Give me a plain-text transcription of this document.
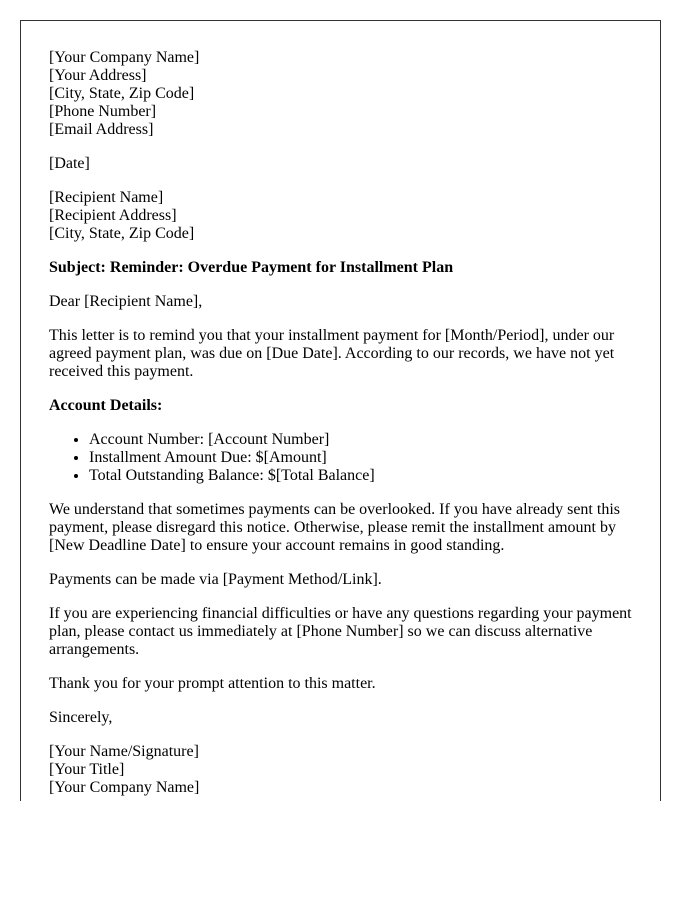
[Your Company Name]
[Your Address]
[City, State, Zip Code]
[Phone Number]
[Email Address]

[Date]

[Recipient Name]
[Recipient Address]
[City, State, Zip Code]

Subject: Reminder: Overdue Payment for Installment Plan

Dear [Recipient Name],

This letter is to remind you that your installment payment for [Month/Period], under our agreed payment plan, was due on [Due Date]. According to our records, we have not yet received this payment.

Account Details:

• Account Number: [Account Number]
• Installment Amount Due: $[Amount]
• Total Outstanding Balance: $[Total Balance]

We understand that sometimes payments can be overlooked. If you have already sent this payment, please disregard this notice. Otherwise, please remit the installment amount by [New Deadline Date] to ensure your account remains in good standing.

Payments can be made via [Payment Method/Link].

If you are experiencing financial difficulties or have any questions regarding your payment plan, please contact us immediately at [Phone Number] so we can discuss alternative arrangements.

Thank you for your prompt attention to this matter.

Sincerely,

[Your Name/Signature]
[Your Title]
[Your Company Name]
